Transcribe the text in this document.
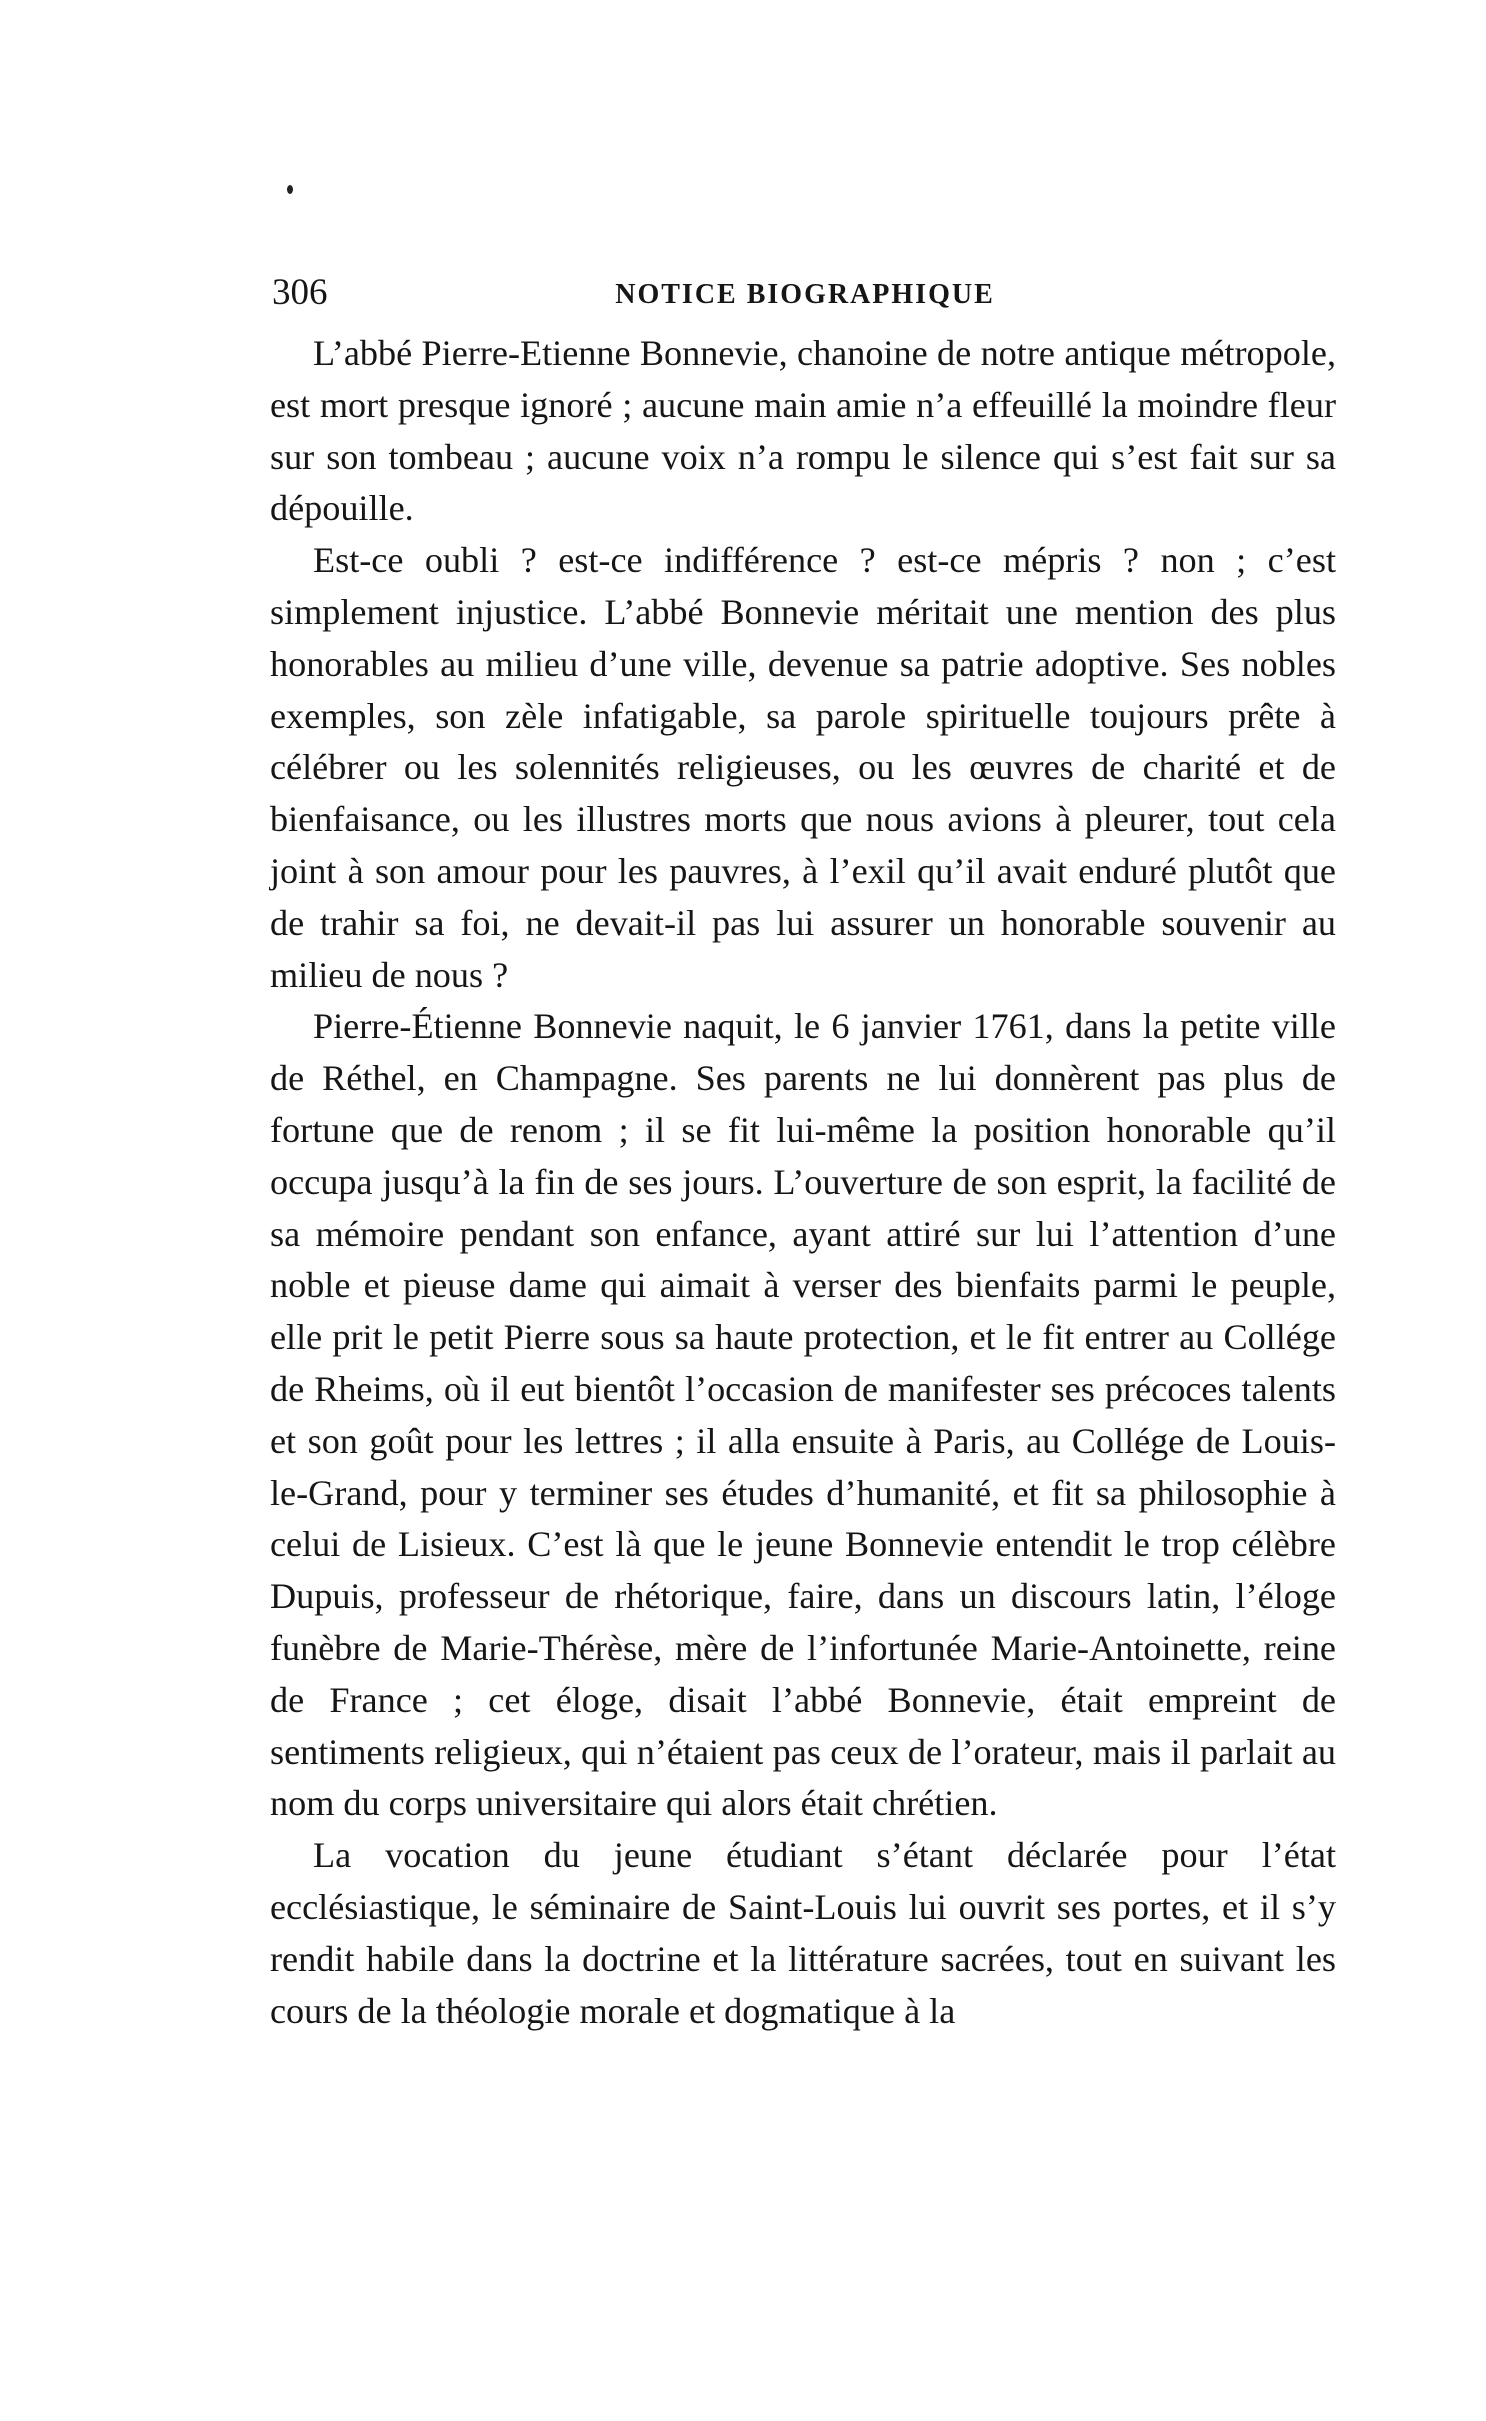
306	NOTICE BIOGRAPHIQUE

L’abbé Pierre-Etienne Bonnevie, chanoine de notre antique métropole, est mort presque ignoré ; aucune main amie n’a effeuillé la moindre fleur sur son tombeau ; aucune voix n’a rompu le silence qui s’est fait sur sa dépouille.

Est-ce oubli ? est-ce indifférence ? est-ce mépris ? non ; c’est simplement injustice. L’abbé Bonnevie méritait une mention des plus honorables au milieu d’une ville, devenue sa patrie adoptive. Ses nobles exemples, son zèle infatigable, sa parole spirituelle toujours prête à célébrer ou les solennités religieuses, ou les œuvres de charité et de bienfaisance, ou les illustres morts que nous avions à pleurer, tout cela joint à son amour pour les pauvres, à l’exil qu’il avait enduré plutôt que de trahir sa foi, ne devait-il pas lui assurer un honorable souvenir au milieu de nous ?

Pierre-Étienne Bonnevie naquit, le 6 janvier 1761, dans la petite ville de Réthel, en Champagne. Ses parents ne lui donnèrent pas plus de fortune que de renom ; il se fit lui-même la position honorable qu’il occupa jusqu’à la fin de ses jours. L’ouverture de son esprit, la facilité de sa mémoire pendant son enfance, ayant attiré sur lui l’attention d’une noble et pieuse dame qui aimait à verser des bienfaits parmi le peuple, elle prit le petit Pierre sous sa haute protection, et le fit entrer au Collége de Rheims, où il eut bientôt l’occasion de manifester ses précoces talents et son goût pour les lettres ; il alla ensuite à Paris, au Collége de Louis-le-Grand, pour y terminer ses études d’humanité, et fit sa philosophie à celui de Lisieux. C’est là que le jeune Bonnevie entendit le trop célèbre Dupuis, professeur de rhétorique, faire, dans un discours latin, l’éloge funèbre de Marie-Thérèse, mère de l’infortunée Marie-Antoinette, reine de France ; cet éloge, disait l’abbé Bonnevie, était empreint de sentiments religieux, qui n’étaient pas ceux de l’orateur, mais il parlait au nom du corps universitaire qui alors était chrétien.

La vocation du jeune étudiant s’étant déclarée pour l’état ecclésiastique, le séminaire de Saint-Louis lui ouvrit ses portes, et il s’y rendit habile dans la doctrine et la littérature sacrées, tout en suivant les cours de la théologie morale et dogmatique à la
